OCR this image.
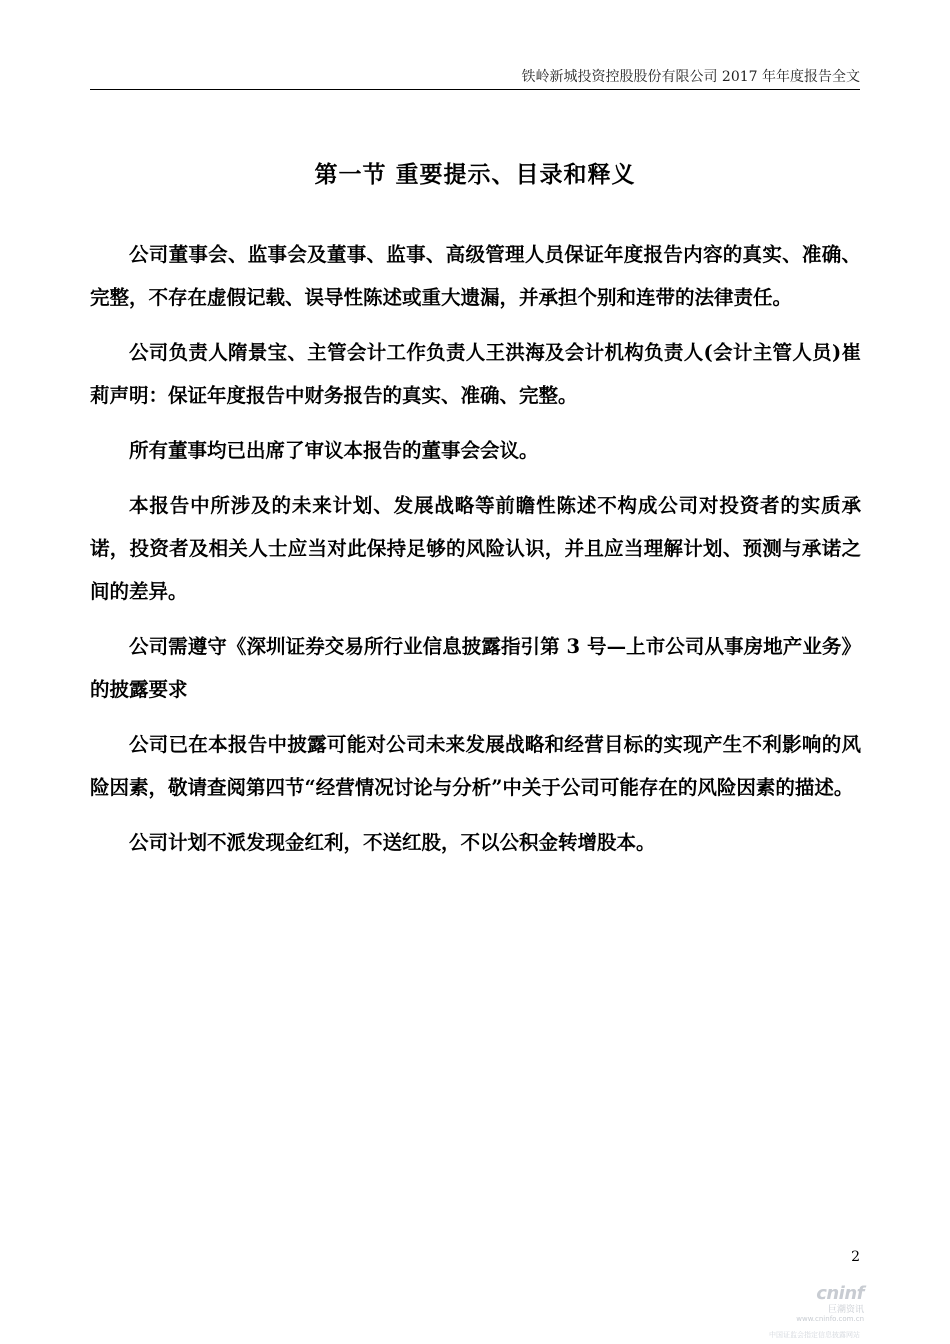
铁岭新城投资控股股份有限公司 2017 年年度报告全文
第一节 重要提示、目录和释义

公司董事会、监事会及董事、监事、高级管理人员保证年度报告内容的真实、准确、完整，不存在虚假记载、误导性陈述或重大遗漏，并承担个别和连带的法律责任。

公司负责人隋景宝、主管会计工作负责人王洪海及会计机构负责人(会计主管人员)崔莉声明：保证年度报告中财务报告的真实、准确、完整。

所有董事均已出席了审议本报告的董事会会议。

本报告中所涉及的未来计划、发展战略等前瞻性陈述不构成公司对投资者的实质承诺，投资者及相关人士应当对此保持足够的风险认识，并且应当理解计划、预测与承诺之间的差异。

公司需遵守《深圳证券交易所行业信息披露指引第 3 号—上市公司从事房地产业务》的披露要求

公司已在本报告中披露可能对公司未来发展战略和经营目标的实现产生不利影响的风险因素，敬请查阅第四节“经营情况讨论与分析”中关于公司可能存在的风险因素的描述。

公司计划不派发现金红利，不送红股，不以公积金转增股本。

2
cninf
巨潮资讯
www.cninfo.com.cn
中国证监会指定信息披露网站
